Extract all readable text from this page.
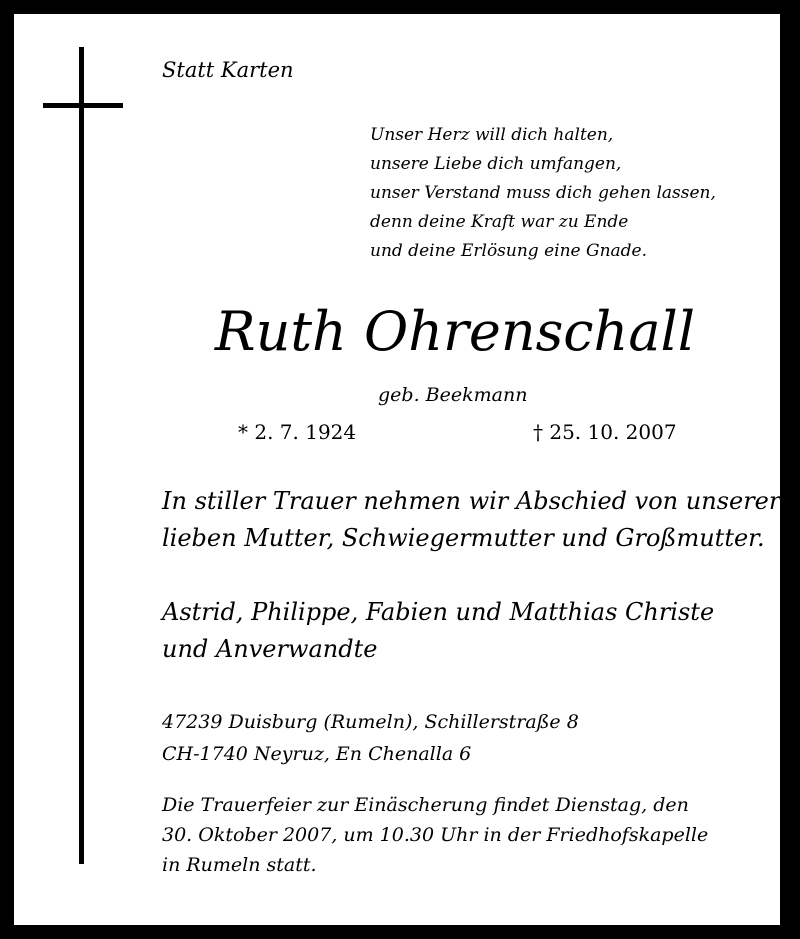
Statt Karten
Unser Herz will dich halten,
unsere Liebe dich umfangen,
unser Verstand muss dich gehen lassen,
denn deine Kraft war zu Ende
und deine Erlösung eine Gnade.
Ruth Ohrenschall
geb. Beekmann
* 2. 7. 1924	† 25. 10. 2007
In stiller Trauer nehmen wir Abschied von unserer
lieben Mutter, Schwiegermutter und Großmutter.
Astrid, Philippe, Fabien und Matthias Christe
und Anverwandte
47239 Duisburg (Rumeln), Schillerstraße 8
CH-1740 Neyruz, En Chenalla 6
Die Trauerfeier zur Einäscherung findet Dienstag, den
30. Oktober 2007, um 10.30 Uhr in der Friedhofskapelle
in Rumeln statt.
